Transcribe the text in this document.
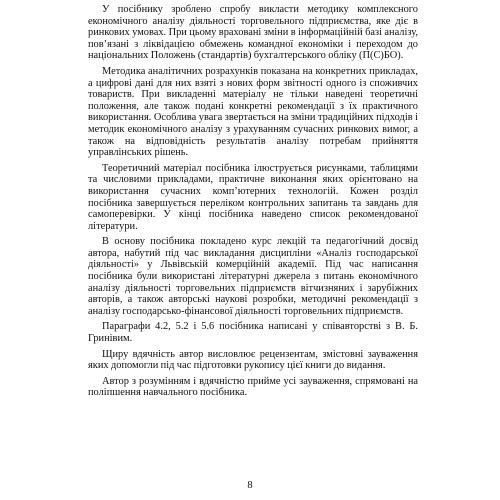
У посібнику зроблено спробу викласти методику комплексного економічного аналізу діяльності торговельного підприємства, яке діє в ринкових умовах. При цьому враховані зміни в інформаційній базі аналізу, пов’язані з ліквідацією обмежень командної економіки і переходом до національних Положень (стандартів) бухгалтерського обліку (П(С)БО).

Методика аналітичних розрахунків показана на конкретних прикладах, а цифрові дані для них взяті з нових форм звітності одного із споживчих товариств. При викладенні матеріалу не тільки наведені теоретичні положення, але також подані конкретні рекомендації з їх практичного використання. Особлива увага звертається на зміни традиційних підходів і методик економічного аналізу з урахуванням сучасних ринкових вимог, а також на відповідність результатів аналізу потребам прийняття управлінських рішень.

Теоретичний матеріал посібника ілюструється рисунками, таблицями та числовими прикладами, практичне виконання яких орієнтовано на використання сучасних комп’ютерних технологій. Кожен розділ посібника завершується переліком контрольних запитань та завдань для самоперевірки. У кінці посібника наведено список рекомендованої літератури.

В основу посібника покладено курс лекцій та педагогічний досвід автора, набутий під час викладання дисципліни «Аналіз господарської діяльності» у Львівській комерційній академії. Під час написання посібника були використані літературні джерела з питань економічного аналізу діяльності торговельних підприємств вітчизняних і зарубіжних авторів, а також авторські наукові розробки, методичні рекомендації з аналізу господарсько-фінансової діяльності торговельних підприємств.

Параграфи 4.2, 5.2 і 5.6 посібника написані у співавторстві з В. Б. Гринівим.

Щиру вдячність автор висловлює рецензентам, змістовні зауваження яких допомогли під час підготовки рукопису цієї книги до видання.

Автор з розумінням і вдячністю прийме усі зауваження, спрямовані на поліпшення навчального посібника.

8
